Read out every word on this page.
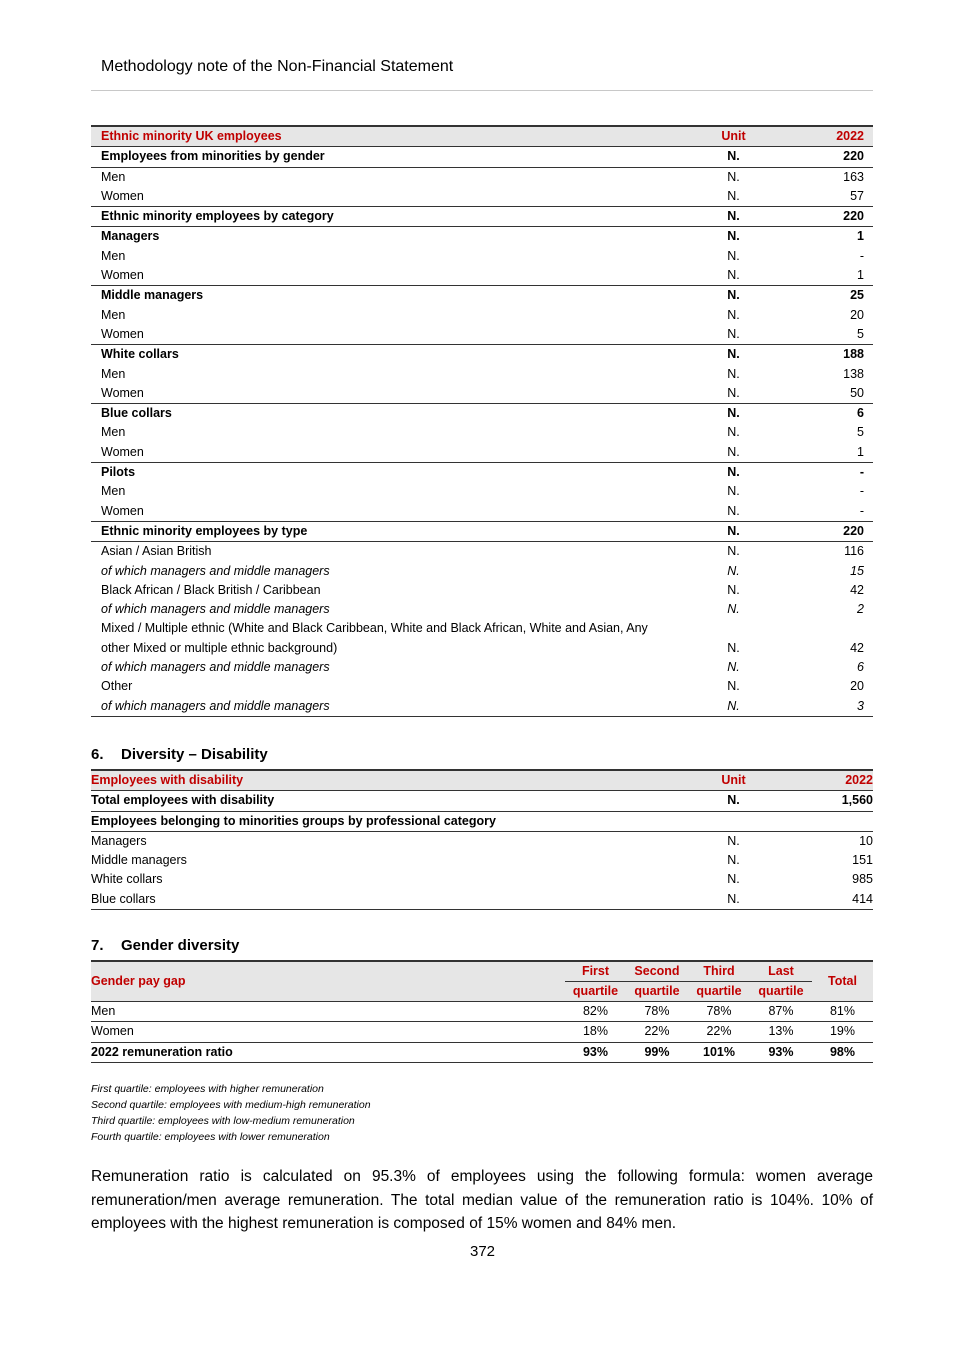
Methodology note of the Non-Financial Statement
Ethnic minority UK employees	Unit	2022
Employees from minorities by gender	N.	220
Men	N.	163
Women	N.	57
Ethnic minority employees by category	N.	220
Managers	N.	1
Men	N.	-
Women	N.	1
Middle managers	N.	25
Men	N.	20
Women	N.	5
White collars	N.	188
Men	N.	138
Women	N.	50
Blue collars	N.	6
Men	N.	5
Women	N.	1
Pilots	N.	-
Men	N.	-
Women	N.	-
Ethnic minority employees by type	N.	220
Asian / Asian British	N.	116
of which managers and middle managers	N.	15
Black African / Black British / Caribbean	N.	42
of which managers and middle managers	N.	2
Mixed / Multiple ethnic (White and Black Caribbean, White and Black African, White and Asian, Any		
other Mixed or multiple ethnic background)	N.	42
of which managers and middle managers	N.	6
Other	N.	20
of which managers and middle managers	N.	3
6. Diversity – Disability
Employees with disability	Unit	2022
Total employees with disability	N.	1,560
Employees belonging to minorities groups by professional category		
Managers	N.	10
Middle managers	N.	151
White collars	N.	985
Blue collars	N.	414
7. Gender diversity
Gender pay gap	First	Second	Third	Last	Total
	quartile	quartile	quartile	quartile	
Men	82%	78%	78%	87%	81%
Women	18%	22%	22%	13%	19%
2022 remuneration ratio	93%	99%	101%	93%	98%
First quartile: employees with higher remuneration
Second quartile: employees with medium-high remuneration
Third quartile: employees with low-medium remuneration
Fourth quartile: employees with lower remuneration
Remuneration ratio is calculated on 95.3% of employees using the following formula: women average remuneration/men average remuneration. The total median value of the remuneration ratio is 104%. 10% of employees with the highest remuneration is composed of 15% women and 84% men.
372
